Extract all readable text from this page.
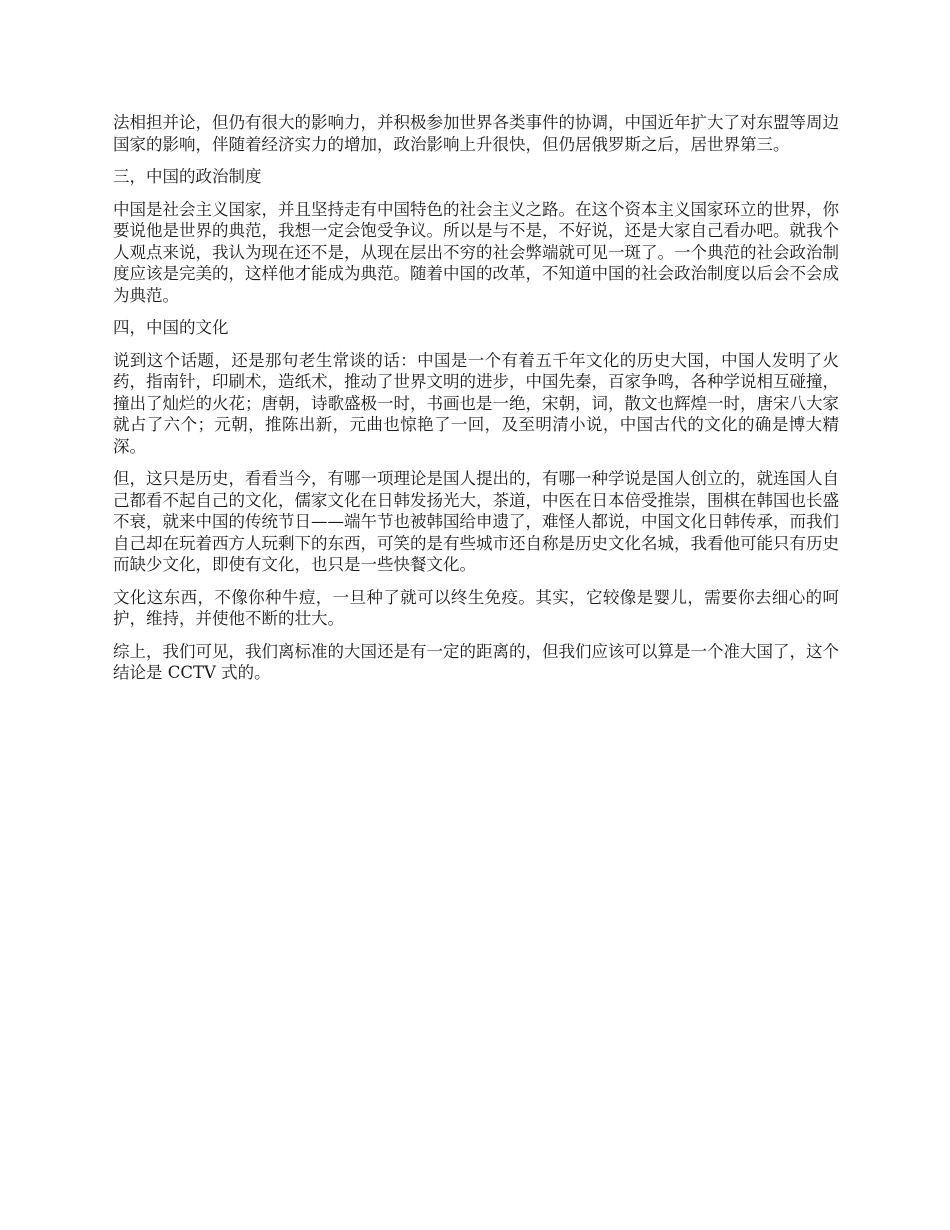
法相担并论，但仍有很大的影响力，并积极参加世界各类事件的协调，中国近年扩大了对东盟等周边国家的影响，伴随着经济实力的增加，政治影响上升很快，但仍居俄罗斯之后，居世界第三。

三，中国的政治制度

中国是社会主义国家，并且坚持走有中国特色的社会主义之路。在这个资本主义国家环立的世界，你要说他是世界的典范，我想一定会饱受争议。所以是与不是，不好说，还是大家自己看办吧。就我个人观点来说，我认为现在还不是，从现在层出不穷的社会弊端就可见一斑了。一个典范的社会政治制度应该是完美的，这样他才能成为典范。随着中国的改革，不知道中国的社会政治制度以后会不会成为典范。

四，中国的文化

说到这个话题，还是那句老生常谈的话：中国是一个有着五千年文化的历史大国，中国人发明了火药，指南针，印刷术，造纸术，推动了世界文明的进步，中国先秦，百家争鸣，各种学说相互碰撞，撞出了灿烂的火花；唐朝，诗歌盛极一时，书画也是一绝，宋朝，词，散文也辉煌一时，唐宋八大家就占了六个；元朝，推陈出新，元曲也惊艳了一回，及至明清小说，中国古代的文化的确是博大精深。

但，这只是历史，看看当今，有哪一项理论是国人提出的，有哪一种学说是国人创立的，就连国人自己都看不起自己的文化，儒家文化在日韩发扬光大，茶道，中医在日本倍受推崇，围棋在韩国也长盛不衰，就来中国的传统节日——端午节也被韩国给申遗了，难怪人都说，中国文化日韩传承，而我们自己却在玩着西方人玩剩下的东西，可笑的是有些城市还自称是历史文化名城，我看他可能只有历史而缺少文化，即使有文化，也只是一些快餐文化。

文化这东西，不像你种牛痘，一旦种了就可以终生免疫。其实，它较像是婴儿，需要你去细心的呵护，维持，并使他不断的壮大。

综上，我们可见，我们离标准的大国还是有一定的距离的，但我们应该可以算是一个准大国了，这个结论是 CCTV 式的。
